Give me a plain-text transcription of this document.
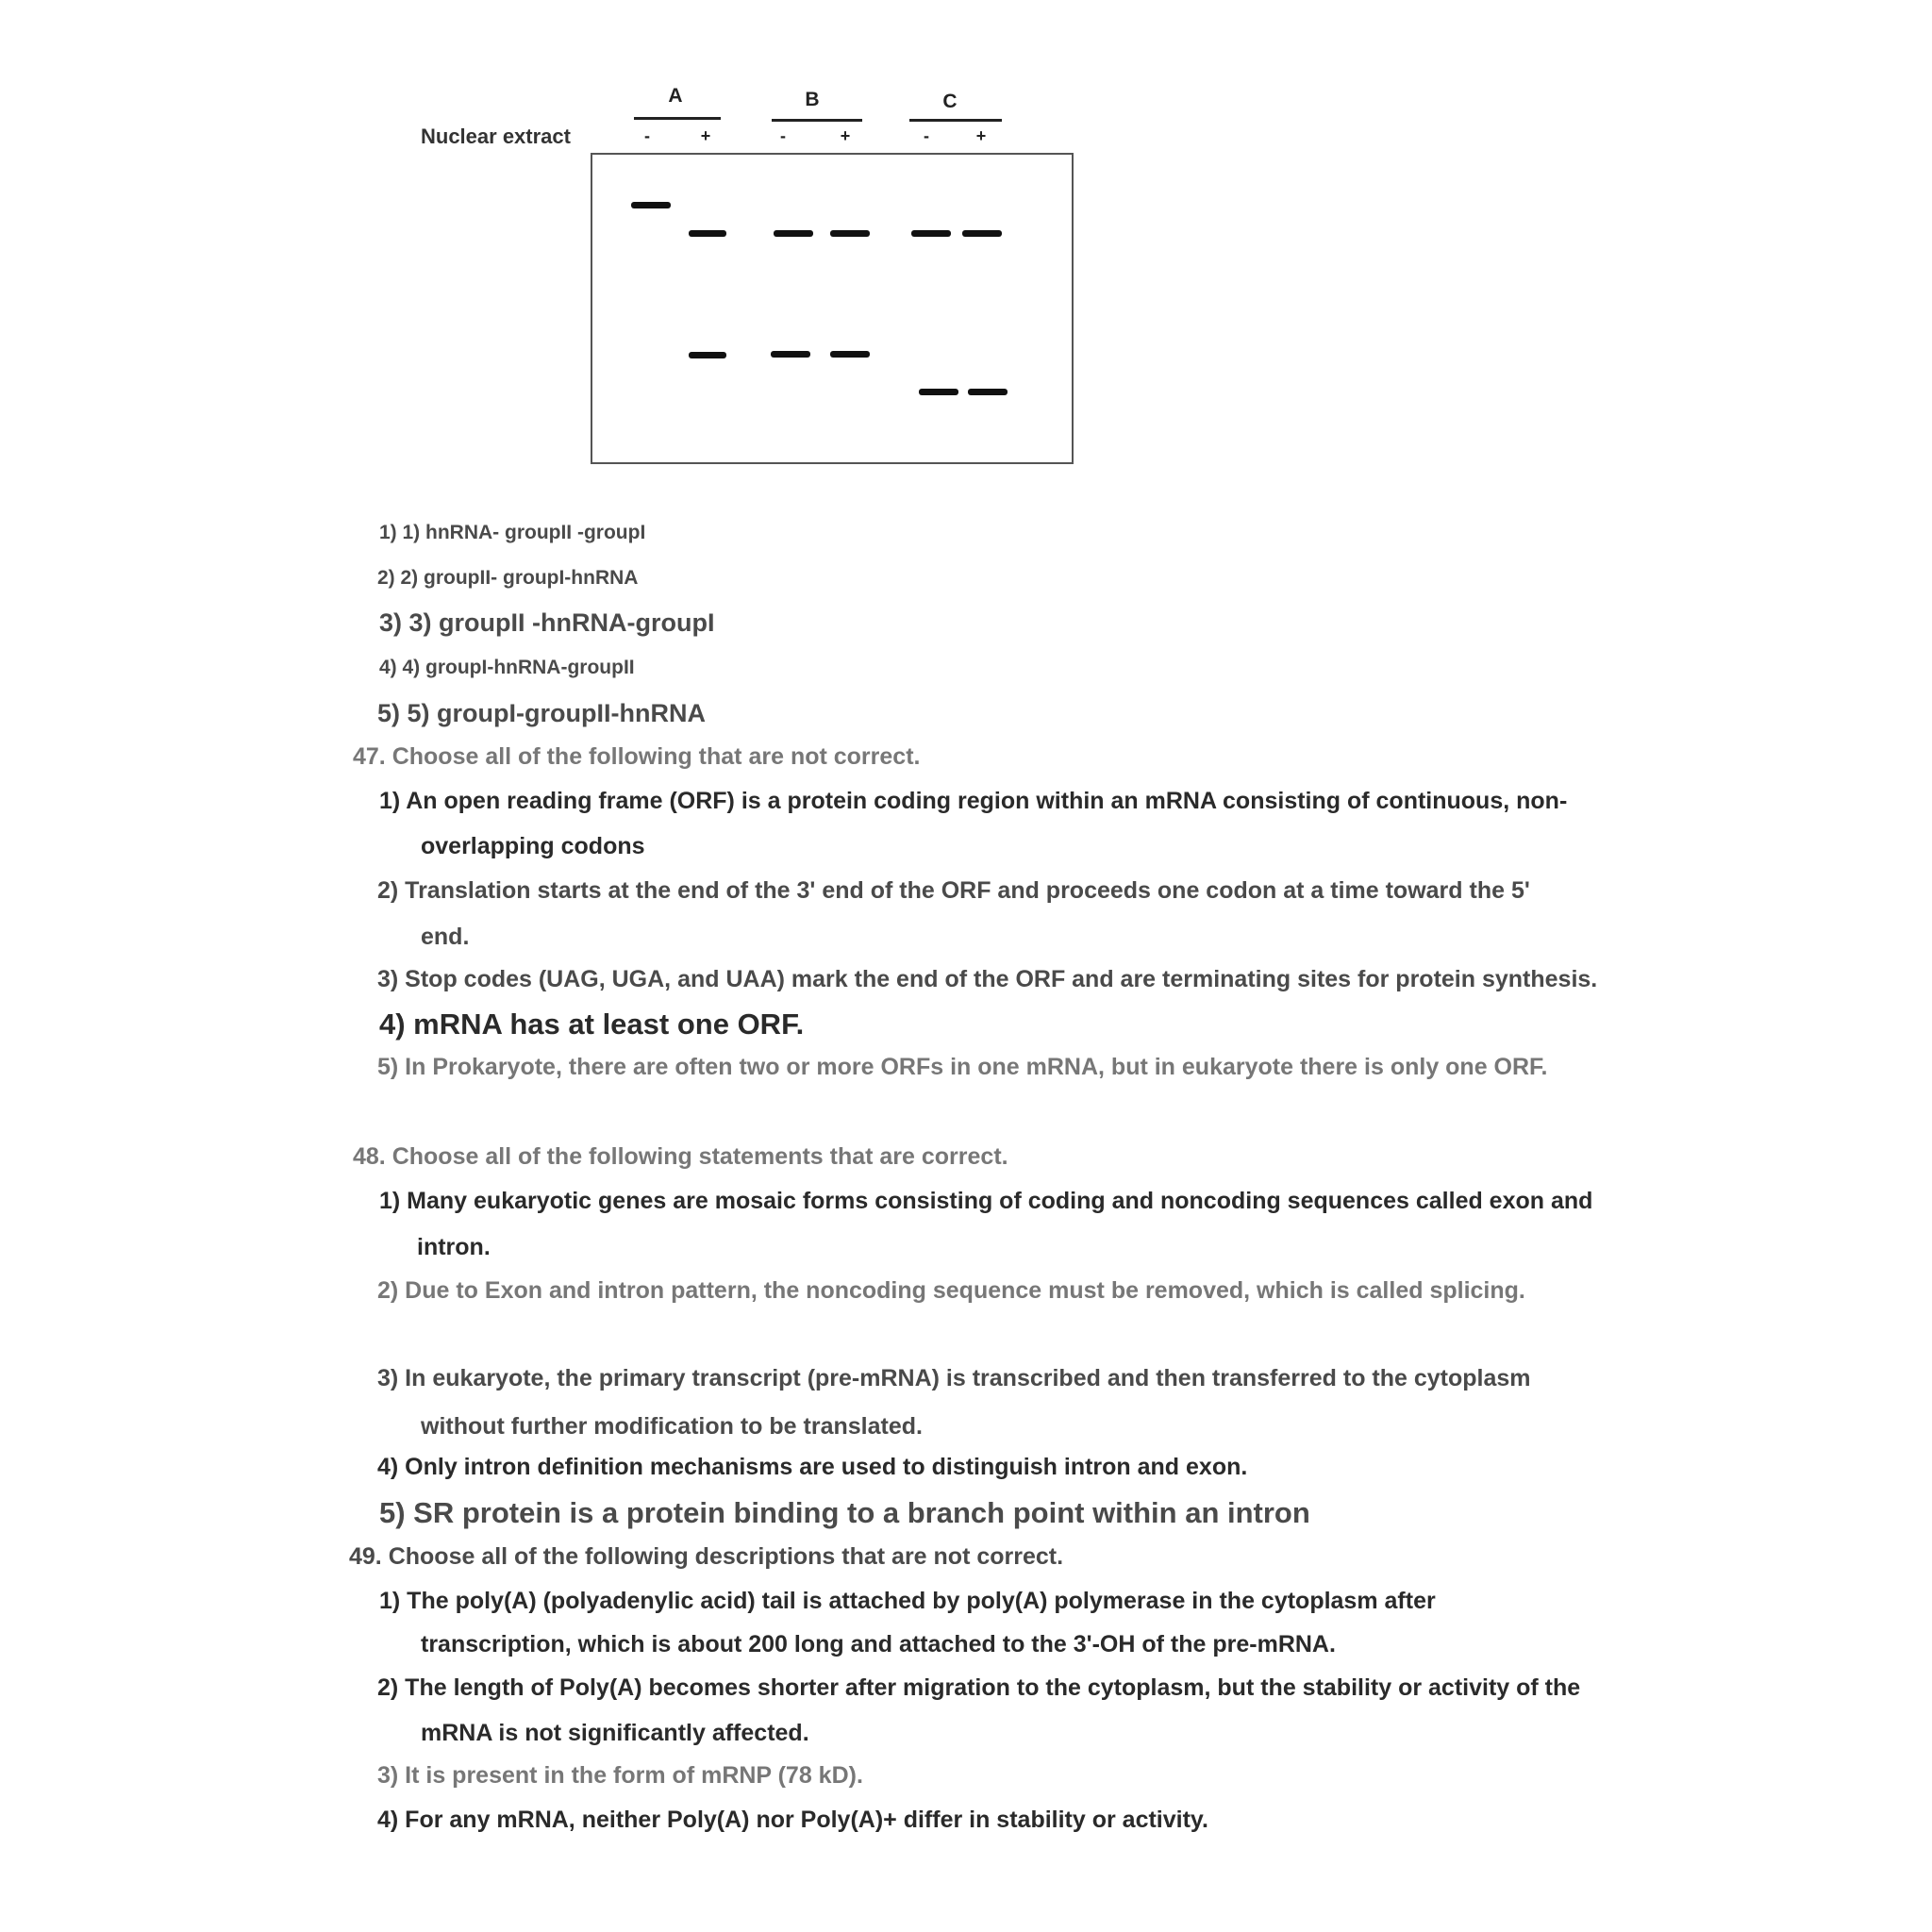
Nuclear extract
A
-	+
B
-	+
C
-	+
1) 1) hnRNA- groupII -groupI
2) 2) groupII- groupI-hnRNA
3) 3) groupII -hnRNA-groupI
4) 4) groupI-hnRNA-groupII
5) 5) groupI-groupII-hnRNA
47. Choose all of the following that are not correct.
1) An open reading frame (ORF) is a protein coding region within an mRNA consisting of continuous, non-
overlapping codons
2) Translation starts at the end of the 3' end of the ORF and proceeds one codon at a time toward the 5'
end.
3) Stop codes (UAG, UGA, and UAA) mark the end of the ORF and are terminating sites for protein synthesis.
4) mRNA has at least one ORF.
5) In Prokaryote, there are often two or more ORFs in one mRNA, but in eukaryote there is only one ORF.
48. Choose all of the following statements that are correct.
1) Many eukaryotic genes are mosaic forms consisting of coding and noncoding sequences called exon and
intron.
2) Due to Exon and intron pattern, the noncoding sequence must be removed, which is called splicing.
3) In eukaryote, the primary transcript (pre-mRNA) is transcribed and then transferred to the cytoplasm
without further modification to be translated.
4) Only intron definition mechanisms are used to distinguish intron and exon.
5) SR protein is a protein binding to a branch point within an intron
49. Choose all of the following descriptions that are not correct.
1) The poly(A) (polyadenylic acid) tail is attached by poly(A) polymerase in the cytoplasm after
transcription, which is about 200 long and attached to the 3'-OH of the pre-mRNA.
2) The length of Poly(A) becomes shorter after migration to the cytoplasm, but the stability or activity of the
mRNA is not significantly affected.
3) It is present in the form of mRNP (78 kD).
4) For any mRNA, neither Poly(A) nor Poly(A)+ differ in stability or activity.
